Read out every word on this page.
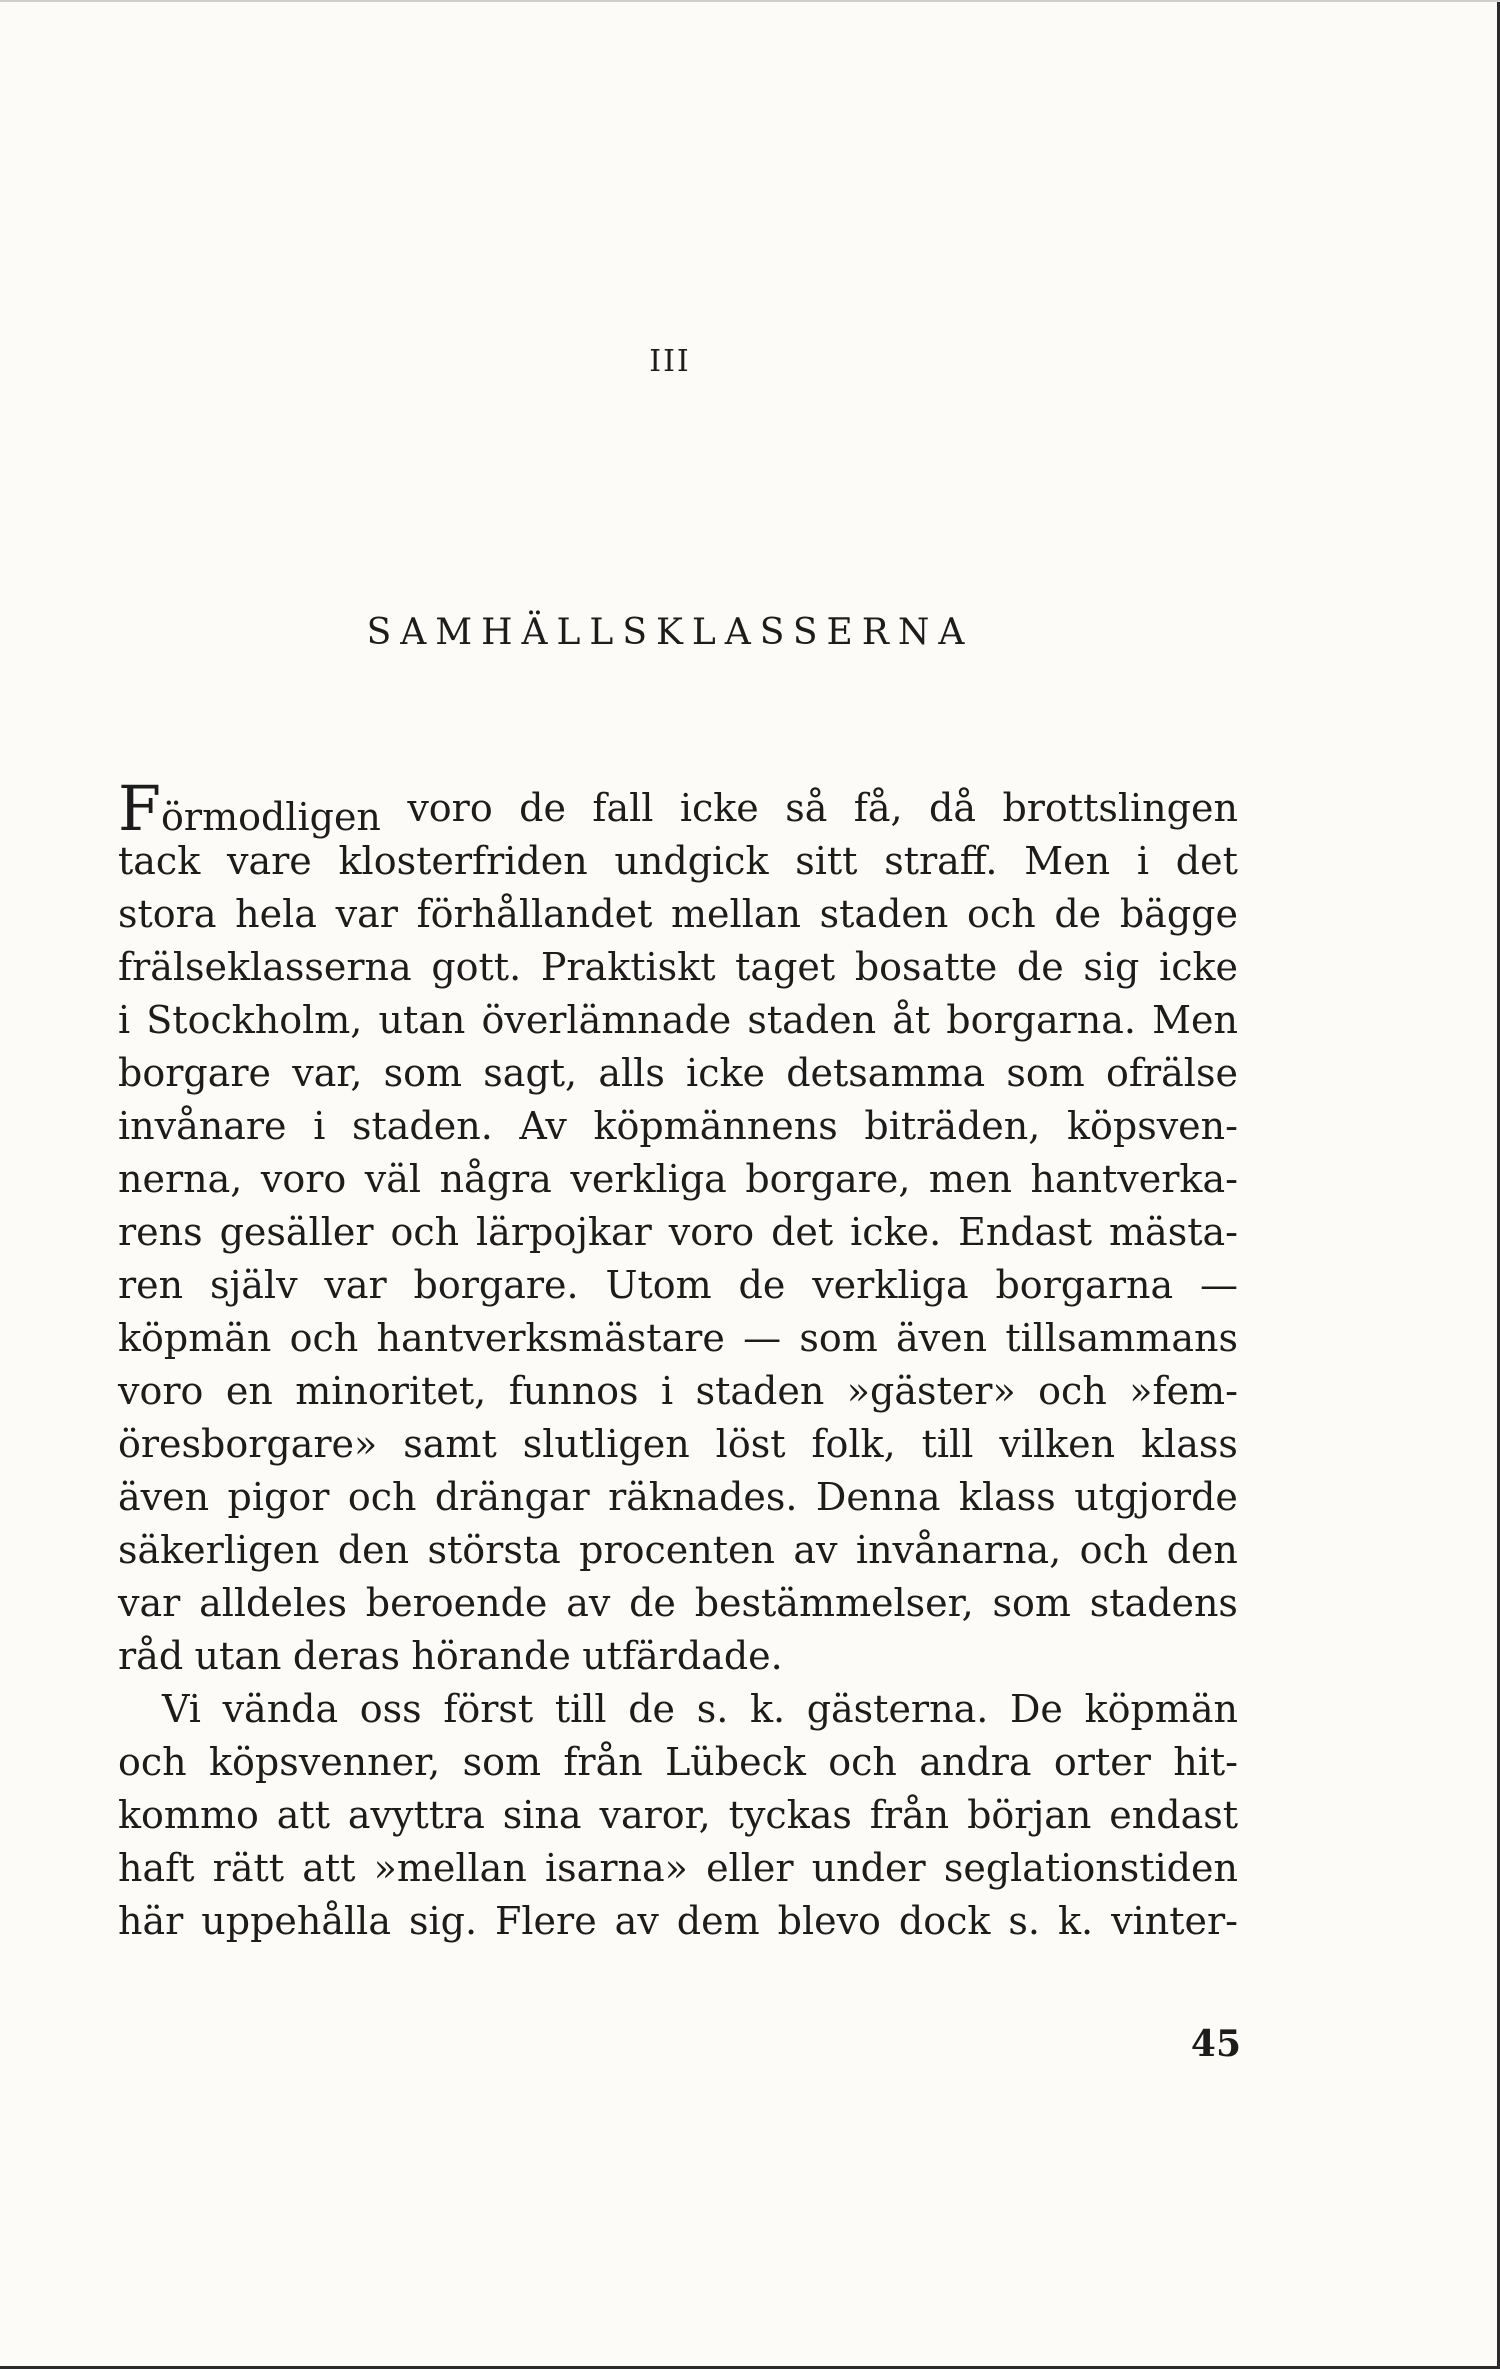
III
SAMHÄLLSKLASSERNA
Förmodligen voro de fall icke så få, då brottslingen
tack vare klosterfriden undgick sitt straff. Men i det
stora hela var förhållandet mellan staden och de bägge
frälseklasserna gott. Praktiskt taget bosatte de sig icke
i Stockholm, utan överlämnade staden åt borgarna. Men
borgare var, som sagt, alls icke detsamma som ofrälse
invånare i staden. Av köpmännens biträden, köpsven-
nerna, voro väl några verkliga borgare, men hantverka-
rens gesäller och lärpojkar voro det icke. Endast mästa-
ren själv var borgare. Utom de verkliga borgarna —
köpmän och hantverksmästare — som även tillsammans
voro en minoritet, funnos i staden »gäster» och »fem-
öresborgare» samt slutligen löst folk, till vilken klass
även pigor och drängar räknades. Denna klass utgjorde
säkerligen den största procenten av invånarna, och den
var alldeles beroende av de bestämmelser, som stadens
råd utan deras hörande utfärdade.
Vi vända oss först till de s. k. gästerna. De köpmän
och köpsvenner, som från Lübeck och andra orter hit-
kommo att avyttra sina varor, tyckas från början endast
haft rätt att »mellan isarna» eller under seglationstiden
här uppehålla sig. Flere av dem blevo dock s. k. vinter-
45
